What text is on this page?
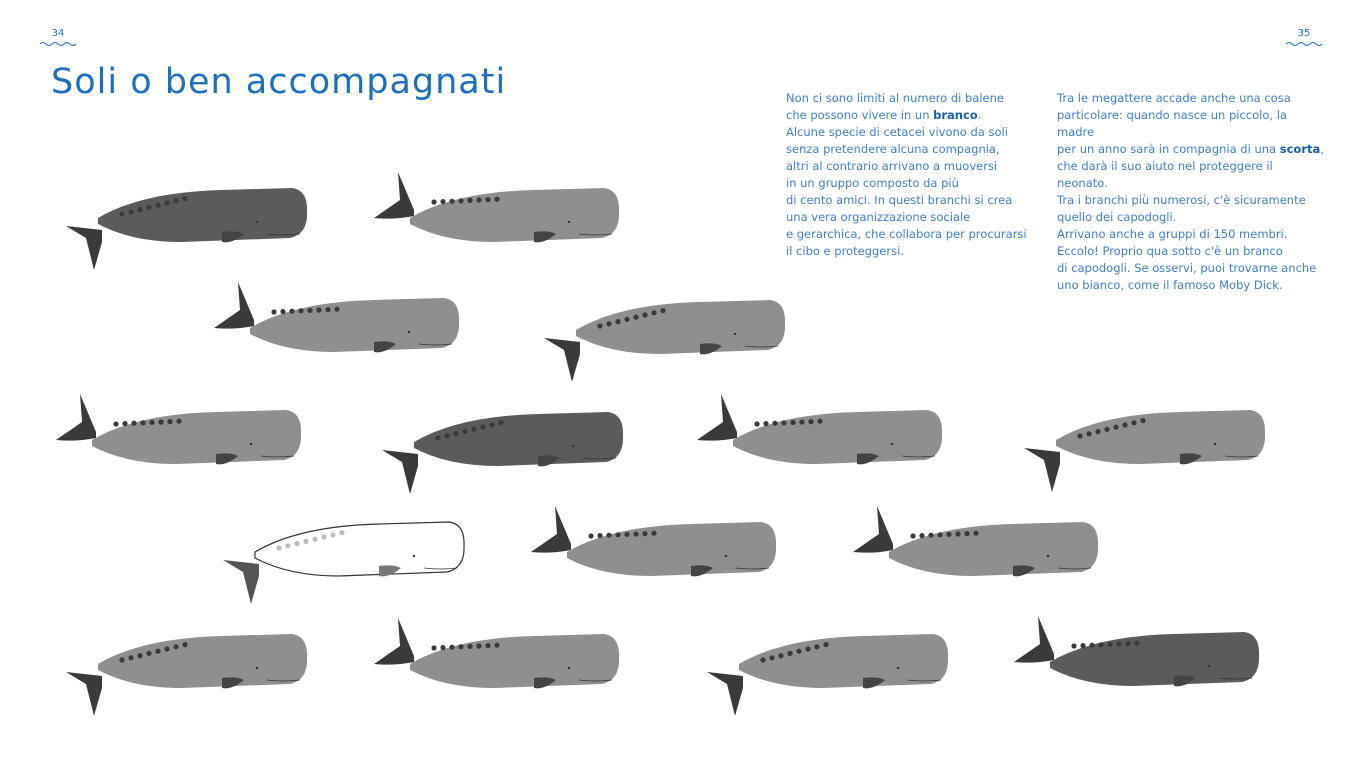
34	35
Soli o ben accompagnati	Non ci sono limiti al numero di balene
che possono vivere in un branco.
Alcune specie di cetacei vivono da soli
senza pretendere alcuna compagnia,
altri al contrario arrivano a muoversi
in un gruppo composto da più
di cento amici. In questi branchi si crea
una vera organizzazione sociale
e gerarchica, che collabora per procurarsi
il cibo e proteggersi.

Tra le megattere accade anche una cosa
particolare: quando nasce un piccolo, la madre
per un anno sarà in compagnia di una scorta,
che darà il suo aiuto nel proteggere il neonato.
Tra i branchi più numerosi, c'è sicuramente
quello dei capodogli.
Arrivano anche a gruppi di 150 membri.
Eccolo! Proprio qua sotto c'è un branco
di capodogli. Se osservi, puoi trovarne anche
uno bianco, come il famoso Moby Dick.
